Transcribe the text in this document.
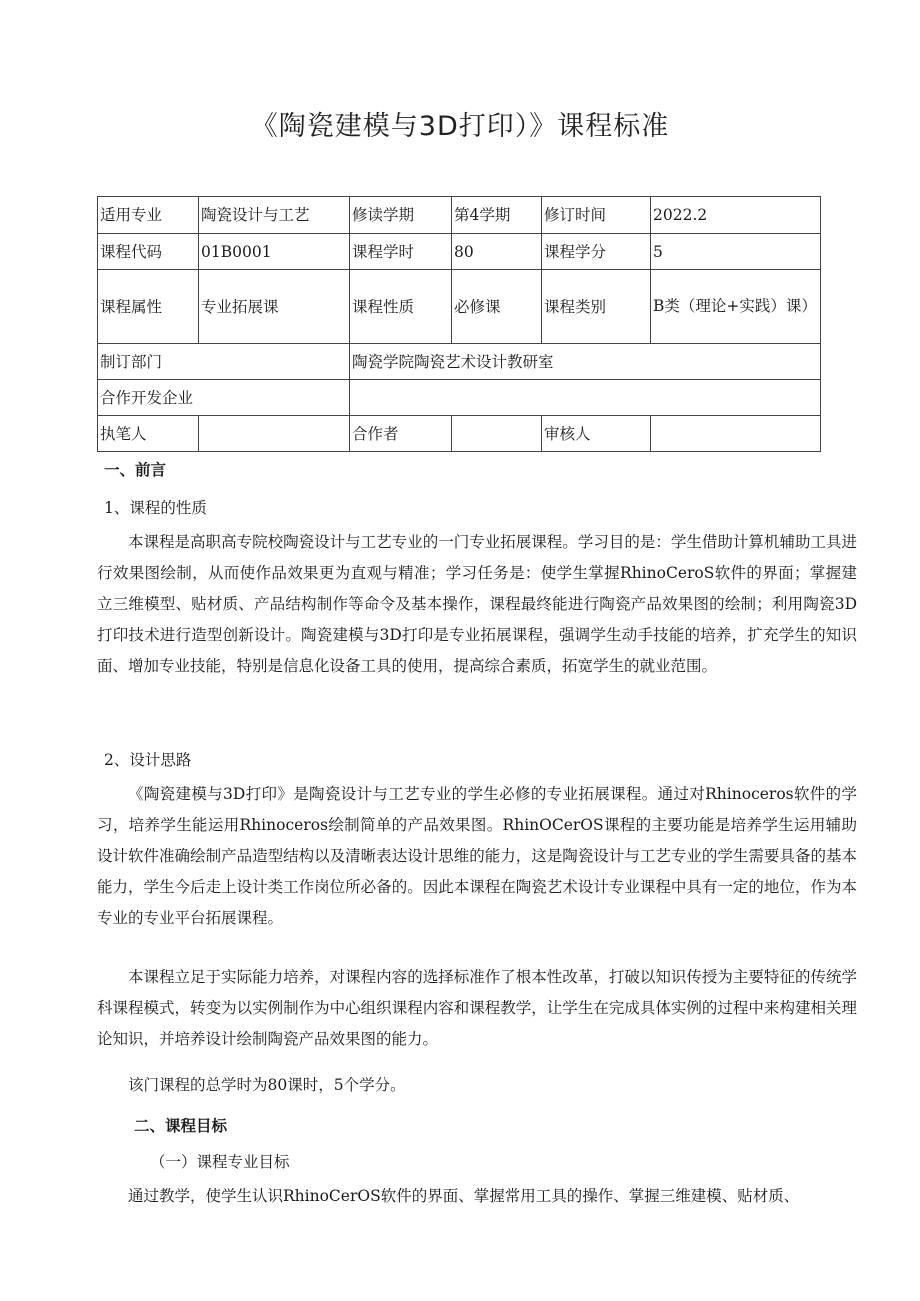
《陶瓷建模与3D打印）》课程标准
适用专业	陶瓷设计与工艺	修读学期	第4学期	修订时间	2022.2
课程代码	01B0001	课程学时	80	课程学分	5
课程属性	专业拓展课	课程性质	必修课	课程类别	B类（理论+实践）课）
制订部门		陶瓷学院陶瓷艺术设计教研室			
合作开发企业					
执笔人		合作者		审核人	
一、前言
1、课程的性质
本课程是高职高专院校陶瓷设计与工艺专业的一门专业拓展课程。学习目的是：学生借助计算机辅助工具进行效果图绘制，从而使作品效果更为直观与精准；学习任务是：使学生掌握RhinoCeroS软件的界面；掌握建立三维模型、贴材质、产品结构制作等命令及基本操作，课程最终能进行陶瓷产品效果图的绘制；利用陶瓷3D打印技术进行造型创新设计。陶瓷建模与3D打印是专业拓展课程，强调学生动手技能的培养，扩充学生的知识面、增加专业技能，特别是信息化设备工具的使用，提高综合素质，拓宽学生的就业范围。
2、设计思路
《陶瓷建模与3D打印》是陶瓷设计与工艺专业的学生必修的专业拓展课程。通过对Rhinoceros软件的学习，培养学生能运用Rhinoceros绘制简单的产品效果图。RhinOCerOS课程的主要功能是培养学生运用辅助设计软件准确绘制产品造型结构以及清晰表达设计思维的能力，这是陶瓷设计与工艺专业的学生需要具备的基本能力，学生今后走上设计类工作岗位所必备的。因此本课程在陶瓷艺术设计专业课程中具有一定的地位，作为本专业的专业平台拓展课程。
本课程立足于实际能力培养，对课程内容的选择标准作了根本性改革，打破以知识传授为主要特征的传统学科课程模式，转变为以实例制作为中心组织课程内容和课程教学，让学生在完成具体实例的过程中来构建相关理论知识，并培养设计绘制陶瓷产品效果图的能力。
该门课程的总学时为80课时，5个学分。
二、课程目标
（一）课程专业目标
通过教学，使学生认识RhinoCerOS软件的界面、掌握常用工具的操作、掌握三维建模、贴材质、
